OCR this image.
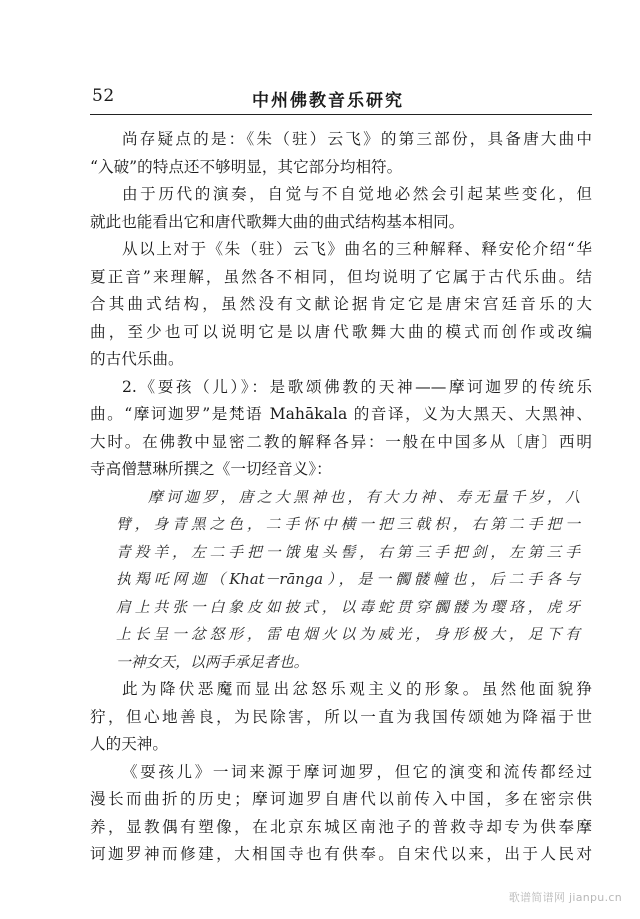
52	中州佛教音乐研究
尚存疑点的是：《朱（驻）云飞》的第三部份，具备唐大曲中
“入破”的特点还不够明显，其它部分均相符。
由于历代的演奏，自觉与不自觉地必然会引起某些变化，但
就此也能看出它和唐代歌舞大曲的曲式结构基本相同。
从以上对于《朱（驻）云飞》曲名的三种解释、释安伦介绍“华
夏正音”来理解，虽然各不相同，但均说明了它属于古代乐曲。结
合其曲式结构，虽然没有文献论据肯定它是唐宋宫廷音乐的大
曲，至少也可以说明它是以唐代歌舞大曲的模式而创作或改编
的古代乐曲。
2.《耍孩（儿）》：是歌颂佛教的天神——摩诃迦罗的传统乐
曲。“摩诃迦罗”是梵语 Mahākala 的音译，义为大黑天、大黑神、
大时。在佛教中显密二教的解释各异：一般在中国多从〔唐〕西明
寺高僧慧琳所撰之《一切经音义》：
摩诃迦罗，唐之大黑神也，有大力神、寿无量千岁，八
臂，身青黑之色，二手怀中横一把三戟枳，右第二手把一
青羖羊，左二手把一饿鬼头髻，右第三手把剑，左第三手
执羯吒网迦（Khat－rānga），是一髑髅幢也，后二手各与
肩上共张一白象皮如披式，以毒蛇贯穿髑髅为璎珞，虎牙
上长呈一忿怒形，雷电烟火以为威光，身形极大，足下有
一神女天，以两手承足者也。
此为降伏恶魔而显出忿怒乐观主义的形象。虽然他面貌狰
狞，但心地善良，为民除害，所以一直为我国传颂她为降福于世
人的天神。
《耍孩儿》一词来源于摩诃迦罗，但它的演变和流传都经过
漫长而曲折的历史；摩诃迦罗自唐代以前传入中国，多在密宗供
养，显教偶有塑像，在北京东城区南池子的普救寺却专为供奉摩
诃迦罗神而修建，大相国寺也有供奉。自宋代以来，出于人民对
歌谱简谱网 jianpu.cn
